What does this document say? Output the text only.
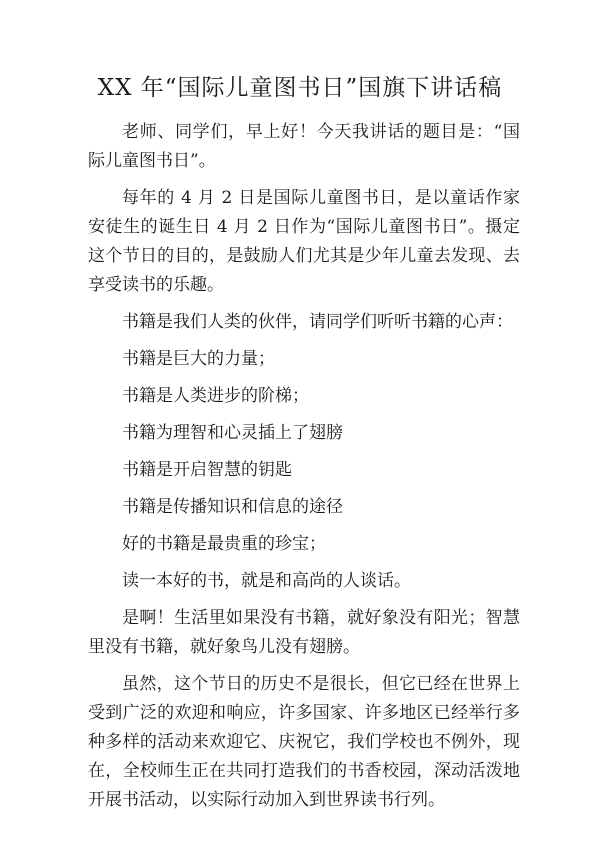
XX 年“国际儿童图书日”国旗下讲话稿

老师、同学们，早上好！今天我讲话的题目是：“国际儿童图书日”。

每年的 4 月 2 日是国际儿童图书日，是以童话作家安徒生的诞生日 4 月 2 日作为“国际儿童图书日”。摄定这个节日的目的，是鼓励人们尤其是少年儿童去发现、去享受读书的乐趣。

书籍是我们人类的伙伴，请同学们听听书籍的心声：

书籍是巨大的力量；

书籍是人类进步的阶梯；

书籍为理智和心灵插上了翅膀

书籍是开启智慧的钥匙

书籍是传播知识和信息的途径

好的书籍是最贵重的珍宝；

读一本好的书，就是和高尚的人谈话。

是啊！生活里如果没有书籍，就好象没有阳光；智慧里没有书籍，就好象鸟儿没有翅膀。

虽然，这个节日的历史不是很长，但它已经在世界上受到广泛的欢迎和响应，许多国家、许多地区已经举行多种多样的活动来欢迎它、庆祝它，我们学校也不例外，现在，全校师生正在共同打造我们的书香校园，深动活泼地开展书活动，以实际行动加入到世界读书行列。
